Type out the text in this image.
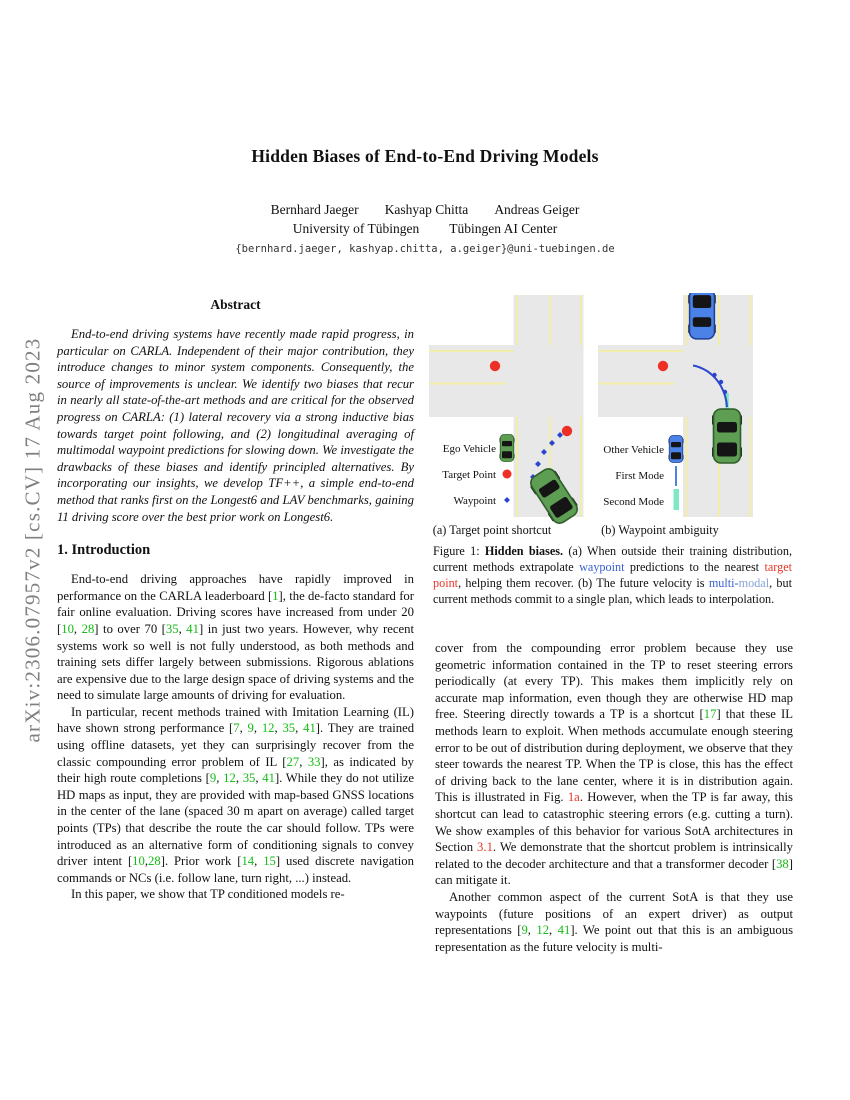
arXiv:2306.07957v2 [cs.CV] 17 Aug 2023
Hidden Biases of End-to-End Driving Models
Bernhard Jaeger Kashyap Chitta Andreas Geiger
University of Tübingen Tübingen AI Center
{bernhard.jaeger, kashyap.chitta, a.geiger}@uni-tuebingen.de
Abstract

End-to-end driving systems have recently made rapid progress, in particular on CARLA. Independent of their major contribution, they introduce changes to minor system components. Consequently, the source of improvements is unclear. We identify two biases that recur in nearly all state-of-the-art methods and are critical for the observed progress on CARLA: (1) lateral recovery via a strong inductive bias towards target point following, and (2) longitudinal averaging of multimodal waypoint predictions for slowing down. We investigate the drawbacks of these biases and identify principled alternatives. By incorporating our insights, we develop TF++, a simple end-to-end method that ranks first on the Longest6 and LAV benchmarks, gaining 11 driving score over the best prior work on Longest6.

1. Introduction

End-to-end driving approaches have rapidly improved in performance on the CARLA leaderboard [1], the de-facto standard for fair online evaluation. Driving scores have increased from under 20 [10, 28] to over 70 [35, 41] in just two years. However, why recent systems work so well is not fully understood, as both methods and training sets differ largely between submissions. Rigorous ablations are expensive due to the large design space of driving systems and the need to simulate large amounts of driving for evaluation.

In particular, recent methods trained with Imitation Learning (IL) have shown strong performance [7, 9, 12, 35, 41]. They are trained using offline datasets, yet they can surprisingly recover from the classic compounding error problem of IL [27, 33], as indicated by their high route completions [9, 12, 35, 41]. While they do not utilize HD maps as input, they are provided with map-based GNSS locations in the center of the lane (spaced 30 m apart on average) called target points (TPs) that describe the route the car should follow. TPs were introduced as an alternative form of conditioning signals to convey driver intent [10,28]. Prior work [14, 15] used discrete navigation commands or NCs (i.e. follow lane, turn right, ...) instead.

In this paper, we show that TP conditioned models re-

Ego Vehicle
Target Point
Waypoint
(a) Target point shortcut
Other Vehicle
First Mode
Second Mode
(b) Waypoint ambiguity
Figure 1: Hidden biases. (a) When outside their training distribution, current methods extrapolate waypoint predictions to the nearest target point, helping them recover. (b) The future velocity is multi-modal, but current methods commit to a single plan, which leads to interpolation.

cover from the compounding error problem because they use geometric information contained in the TP to reset steering errors periodically (at every TP). This makes them implicitly rely on accurate map information, even though they are otherwise HD map free. Steering directly towards a TP is a shortcut [17] that these IL methods learn to exploit. When methods accumulate enough steering error to be out of distribution during deployment, we observe that they steer towards the nearest TP. When the TP is close, this has the effect of driving back to the lane center, where it is in distribution again. This is illustrated in Fig. 1a. However, when the TP is far away, this shortcut can lead to catastrophic steering errors (e.g. cutting a turn). We show examples of this behavior for various SotA architectures in Section 3.1. We demonstrate that the shortcut problem is intrinsically related to the decoder architecture and that a transformer decoder [38] can mitigate it.

Another common aspect of the current SotA is that they use waypoints (future positions of an expert driver) as output representations [9, 12, 41]. We point out that this is an ambiguous representation as the future velocity is multi-
